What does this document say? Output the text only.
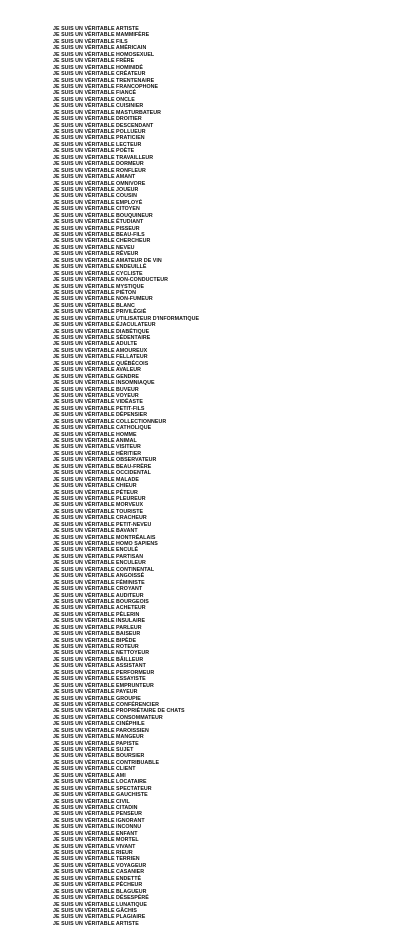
JE SUIS UN VÉRITABLE ARTISTE
JE SUIS UN VÉRITABLE MAMMIFÈRE
JE SUIS UN VÉRITABLE FILS
JE SUIS UN VÉRITABLE AMÉRICAIN
JE SUIS UN VÉRITABLE HOMOSEXUEL
JE SUIS UN VÉRITABLE FRÈRE
JE SUIS UN VÉRITABLE HOMINIDÉ
JE SUIS UN VÉRITABLE CRÉATEUR
JE SUIS UN VÉRITABLE TRENTENAIRE
JE SUIS UN VÉRITABLE FRANCOPHONE
JE SUIS UN VÉRITABLE FIANCÉ
JE SUIS UN VÉRITABLE ONCLE
JE SUIS UN VÉRITABLE CUISINIER
JE SUIS UN VÉRITABLE MASTURBATEUR
JE SUIS UN VÉRITABLE DROITIER
JE SUIS UN VÉRITABLE DESCENDANT
JE SUIS UN VÉRITABLE POLLUEUR
JE SUIS UN VÉRITABLE PRATICIEN
JE SUIS UN VÉRITABLE LECTEUR
JE SUIS UN VÉRITABLE POÈTE
JE SUIS UN VÉRITABLE TRAVAILLEUR
JE SUIS UN VÉRITABLE DORMEUR
JE SUIS UN VÉRITABLE RONFLEUR
JE SUIS UN VÉRITABLE AMANT
JE SUIS UN VÉRITABLE OMNIVORE
JE SUIS UN VÉRITABLE JOUEUR
JE SUIS UN VÉRITABLE COUSIN
JE SUIS UN VÉRITABLE EMPLOYÉ
JE SUIS UN VÉRITABLE CITOYEN
JE SUIS UN VÉRITABLE BOUQUINEUR
JE SUIS UN VÉRITABLE ÉTUDIANT
JE SUIS UN VÉRITABLE PISSEUR
JE SUIS UN VÉRITABLE BEAU-FILS
JE SUIS UN VÉRITABLE CHERCHEUR
JE SUIS UN VÉRITABLE NEVEU
JE SUIS UN VÉRITABLE RÊVEUR
JE SUIS UN VÉRITABLE AMATEUR DE VIN
JE SUIS UN VÉRITABLE ENDEUILLÉ
JE SUIS UN VÉRITABLE CYCLISTE
JE SUIS UN VÉRITABLE NON-CONDUCTEUR
JE SUIS UN VÉRITABLE MYSTIQUE
JE SUIS UN VÉRITABLE PIÉTON
JE SUIS UN VÉRITABLE NON-FUMEUR
JE SUIS UN VÉRITABLE BLANC
JE SUIS UN VÉRITABLE PRIVILÉGIÉ
JE SUIS UN VÉRITABLE UTILISATEUR D'INFORMATIQUE
JE SUIS UN VÉRITABLE ÉJACULATEUR
JE SUIS UN VÉRITABLE DIABÉTIQUE
JE SUIS UN VÉRITABLE SÉDENTAIRE
JE SUIS UN VÉRITABLE ADULTE
JE SUIS UN VÉRITABLE AMOUREUX
JE SUIS UN VÉRITABLE FELLATEUR
JE SUIS UN VÉRITABLE QUÉBÉCOIS
JE SUIS UN VÉRITABLE AVALEUR
JE SUIS UN VÉRITABLE GENDRE
JE SUIS UN VÉRITABLE INSOMNIAQUE
JE SUIS UN VÉRITABLE BUVEUR
JE SUIS UN VÉRITABLE VOYEUR
JE SUIS UN VÉRITABLE VIDÉASTE
JE SUIS UN VÉRITABLE PETIT-FILS
JE SUIS UN VÉRITABLE DÉPENSIER
JE SUIS UN VÉRITABLE COLLECTIONNEUR
JE SUIS UN VÉRITABLE CATHOLIQUE
JE SUIS UN VÉRITABLE HOMME
JE SUIS UN VÉRITABLE ANIMAL
JE SUIS UN VÉRITABLE VISITEUR
JE SUIS UN VÉRITABLE HÉRITIER
JE SUIS UN VÉRITABLE OBSERVATEUR
JE SUIS UN VÉRITABLE BEAU-FRÈRE
JE SUIS UN VÉRITABLE OCCIDENTAL
JE SUIS UN VÉRITABLE MALADE
JE SUIS UN VÉRITABLE CHIEUR
JE SUIS UN VÉRITABLE PÉTEUR
JE SUIS UN VÉRITABLE PLEUREUR
JE SUIS UN VÉRITABLE MORVEUX
JE SUIS UN VÉRITABLE TOURISTE
JE SUIS UN VÉRITABLE CRACHEUR
JE SUIS UN VÉRITABLE PETIT-NEVEU
JE SUIS UN VÉRITABLE BAVANT
JE SUIS UN VÉRITABLE MONTRÉALAIS
JE SUIS UN VÉRITABLE HOMO SAPIENS
JE SUIS UN VÉRITABLE ENCULÉ
JE SUIS UN VÉRITABLE PARTISAN
JE SUIS UN VÉRITABLE ENCULEUR
JE SUIS UN VÉRITABLE CONTINENTAL
JE SUIS UN VÉRITABLE ANGOISSÉ
JE SUIS UN VÉRITABLE FÉMINISTE
JE SUIS UN VÉRITABLE CROYANT
JE SUIS UN VÉRITABLE AUDITEUR
JE SUIS UN VÉRITABLE BOURGEOIS
JE SUIS UN VÉRITABLE ACHETEUR
JE SUIS UN VÉRITABLE PÈLERIN
JE SUIS UN VÉRITABLE INSULAIRE
JE SUIS UN VÉRITABLE PARLEUR
JE SUIS UN VÉRITABLE BAISEUR
JE SUIS UN VÉRITABLE BIPÈDE
JE SUIS UN VÉRITABLE ROTEUR
JE SUIS UN VÉRITABLE NETTOYEUR
JE SUIS UN VÉRITABLE BÂILLEUR
JE SUIS UN VÉRITABLE ASSISTANT
JE SUIS UN VÉRITABLE PERFORMEUR
JE SUIS UN VÉRITABLE ESSAYISTE
JE SUIS UN VÉRITABLE EMPRUNTEUR
JE SUIS UN VÉRITABLE PAYEUR
JE SUIS UN VÉRITABLE GROUPIE
JE SUIS UN VÉRITABLE CONFÉRENCIER
JE SUIS UN VÉRITABLE PROPRIÉTAIRE DE CHATS
JE SUIS UN VÉRITABLE CONSOMMATEUR
JE SUIS UN VÉRITABLE CINÉPHILE
JE SUIS UN VÉRITABLE PAROISSIEN
JE SUIS UN VÉRITABLE MANGEUR
JE SUIS UN VÉRITABLE PAPISTE
JE SUIS UN VÉRITABLE SUJET
JE SUIS UN VÉRITABLE BOURSIER
JE SUIS UN VÉRITABLE CONTRIBUABLE
JE SUIS UN VÉRITABLE CLIENT
JE SUIS UN VÉRITABLE AMI
JE SUIS UN VÉRITABLE LOCATAIRE
JE SUIS UN VÉRITABLE SPECTATEUR
JE SUIS UN VÉRITABLE GAUCHISTE
JE SUIS UN VÉRITABLE CIVIL
JE SUIS UN VÉRITABLE CITADIN
JE SUIS UN VÉRITABLE PENSEUR
JE SUIS UN VÉRITABLE IGNORANT
JE SUIS UN VÉRITABLE INCONNU
JE SUIS UN VÉRITABLE ENFANT
JE SUIS UN VÉRITABLE MORTEL
JE SUIS UN VÉRITABLE VIVANT
JE SUIS UN VÉRITABLE RIEUR
JE SUIS UN VÉRITABLE TERRIEN
JE SUIS UN VÉRITABLE VOYAGEUR
JE SUIS UN VÉRITABLE CASANIER
JE SUIS UN VÉRITABLE ENDETTÉ
JE SUIS UN VÉRITABLE PÉCHEUR
JE SUIS UN VÉRITABLE BLAGUEUR
JE SUIS UN VÉRITABLE DÉSESPÉRÉ
JE SUIS UN VÉRITABLE LUNATIQUE
JE SUIS UN VÉRITABLE GÂCHIS
JE SUIS UN VÉRITABLE PLAGIAIRE
JE SUIS UN VÉRITABLE ARTISTE
